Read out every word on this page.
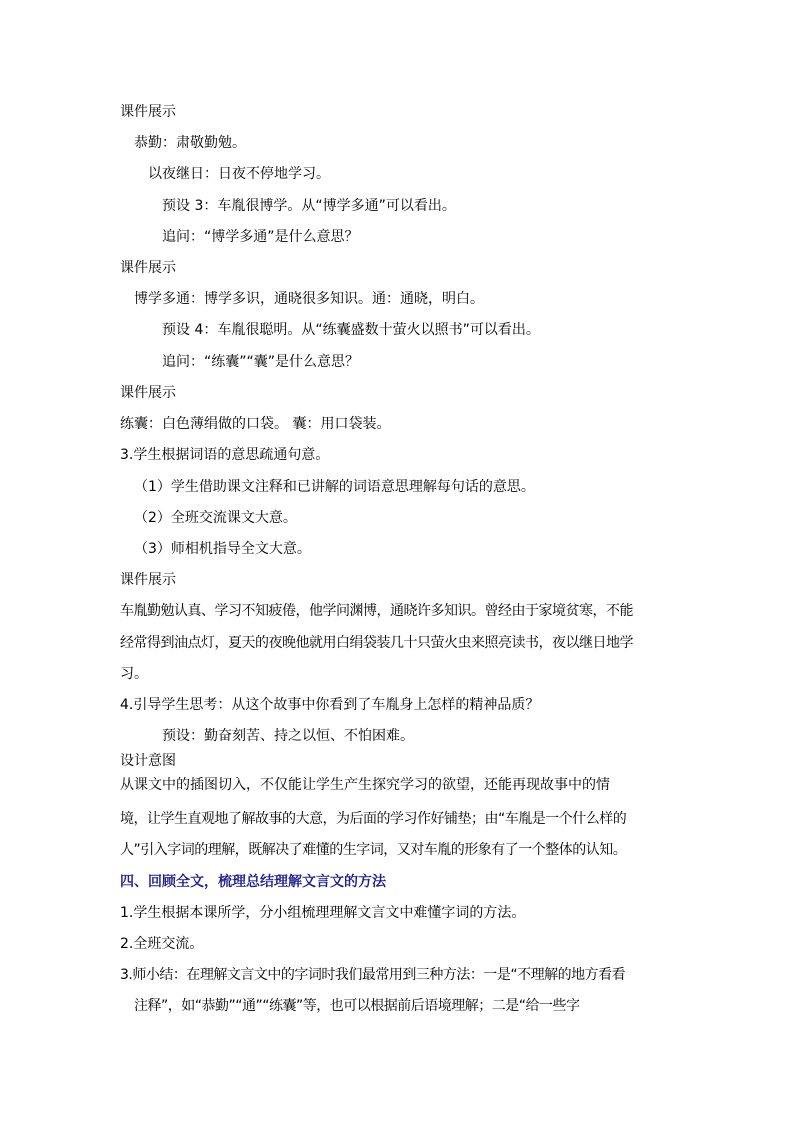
课件展示
恭勤：肃敬勤勉。
以夜继日：日夜不停地学习。
预设 3：车胤很博学。从“博学多通”可以看出。
追问：“博学多通”是什么意思？
课件展示
博学多通：博学多识，通晓很多知识。通：通晓，明白。
预设 4：车胤很聪明。从“练囊盛数十萤火以照书”可以看出。
追问：“练囊”“囊”是什么意思？
课件展示
练囊：白色薄绢做的口袋。 囊：用口袋装。
3.学生根据词语的意思疏通句意。
（1）学生借助课文注释和已讲解的词语意思理解每句话的意思。
（2）全班交流课文大意。
（3）师相机指导全文大意。
课件展示
车胤勤勉认真、学习不知疲倦，他学问渊博，通晓许多知识。曾经由于家境贫寒，不能
经常得到油点灯，夏天的夜晚他就用白绢袋装几十只萤火虫来照亮读书，夜以继日地学
习。
4.引导学生思考：从这个故事中你看到了车胤身上怎样的精神品质？
预设：勤奋刻苦、持之以恒、不怕困难。
设计意图
从课文中的插图切入，不仅能让学生产生探究学习的欲望，还能再现故事中的情
境，让学生直观地了解故事的大意，为后面的学习作好铺垫；由“车胤是一个什么样的
人”引入字词的理解，既解决了难懂的生字词，又对车胤的形象有了一个整体的认知。
四、回顾全文，梳理总结理解文言文的方法
1.学生根据本课所学，分小组梳理理解文言文中难懂字词的方法。
2.全班交流。
3.师小结：在理解文言文中的字词时我们最常用到三种方法：一是“不理解的地方看看
注释”，如“恭勤”“通”“练囊”等，也可以根据前后语境理解；二是“给一些字
